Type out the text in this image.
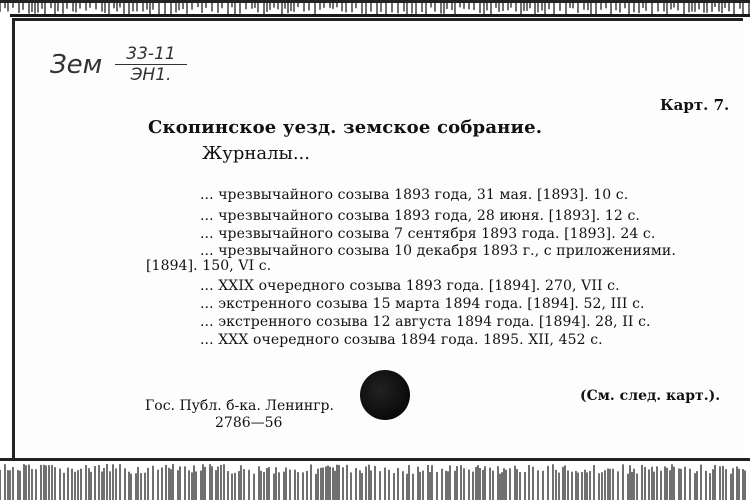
Зем	33-11
ЭН1.
Карт. 7.
Скопинское уезд. земское собрание.
Журналы...
... чрезвычайного созыва 1893 года, 31 мая. [1893]. 10 с.
... чрезвычайного созыва 1893 года, 28 июня. [1893]. 12 с.
... чрезвычайного созыва 7 сентября 1893 года. [1893]. 24 с.
... чрезвычайного созыва 10 декабря 1893 г., с приложениями.
[1894]. 150, VI с.
... XXIX очередного созыва 1893 года. [1894]. 270, VII с.
... экстренного созыва 15 марта 1894 года. [1894]. 52, III с.
... экстренного созыва 12 августа 1894 года. [1894]. 28, II с.
... XXX очередного созыва 1894 года. 1895. XII, 452 с.
Гос. Публ. б-ка. Ленингр.
2786—56
(См. след. карт.).
